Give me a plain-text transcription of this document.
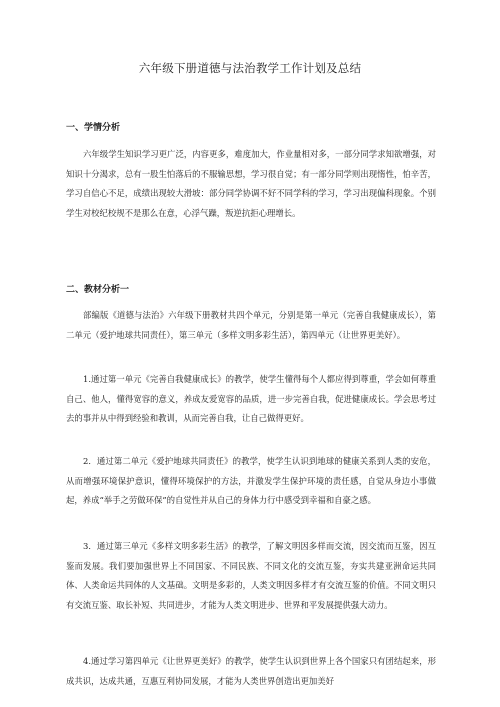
六年级下册道德与法治教学工作计划及总结
一、学情分析
六年级学生知识学习更广泛，内容更多，难度加大，作业量相对多，一部分同学求知欲增强，对知识十分渴求，总有一股生怕落后的不服输思想，学习很自觉；有一部分同学则出现惰性，怕辛苦，学习自信心不足，成绩出现较大滑坡：部分同学协调不好不同学科的学习，学习出现偏科现象。个别学生对校纪校规不是那么在意，心浮气躁，叛逆抗拒心理增长。
二、教材分析一
部编版《道德与法治》六年级下册教材共四个单元，分别是第一单元（完善自我健康成长），第二单元（爱护地球共同责任），第三单元（多样文明多彩生活），第四单元（让世界更美好）。
1.通过第一单元《完善自我健康成长》的教学，使学生懂得每个人都应得到尊重，学会如何尊重自己、他人，懂得宽容的意义，养成友爱宽容的品质，进一步完善自我，促进健康成长。学会思考过去的事并从中得到经验和教训，从而完善自我，让自己做得更好。
2．通过第二单元《爱护地球共同责任》的教学，使学生认识到地球的健康关系到人类的安危，从而增强环境保护意识，懂得环境保护的方法，并激发学生保护环境的责任感，自觉从身边小事做起，养成“举手之劳做环保”的自觉性并从自己的身体力行中感受到幸福和自豪之感。
3．通过第三单元《多样文明多彩生活》的教学，了解文明因多样而交流，因交流而互鉴，因互鉴而发展。我们要加强世界上不同国家、不同民族、不同文化的交流互鉴，夯实共建亚洲命运共同体、人类命运共同体的人文基础。文明是多彩的，人类文明因多样才有交流互鉴的价值。不同文明只有交流互鉴、取长补短、共同进步，才能为人类文明进步、世界和平发展提供强大动力。
4.通过学习第四单元《让世界更美好》的教学，使学生认识到世界上各个国家只有团结起来，形成共识，达成共通，互惠互利协同发展，才能为人类世界创造出更加美好
